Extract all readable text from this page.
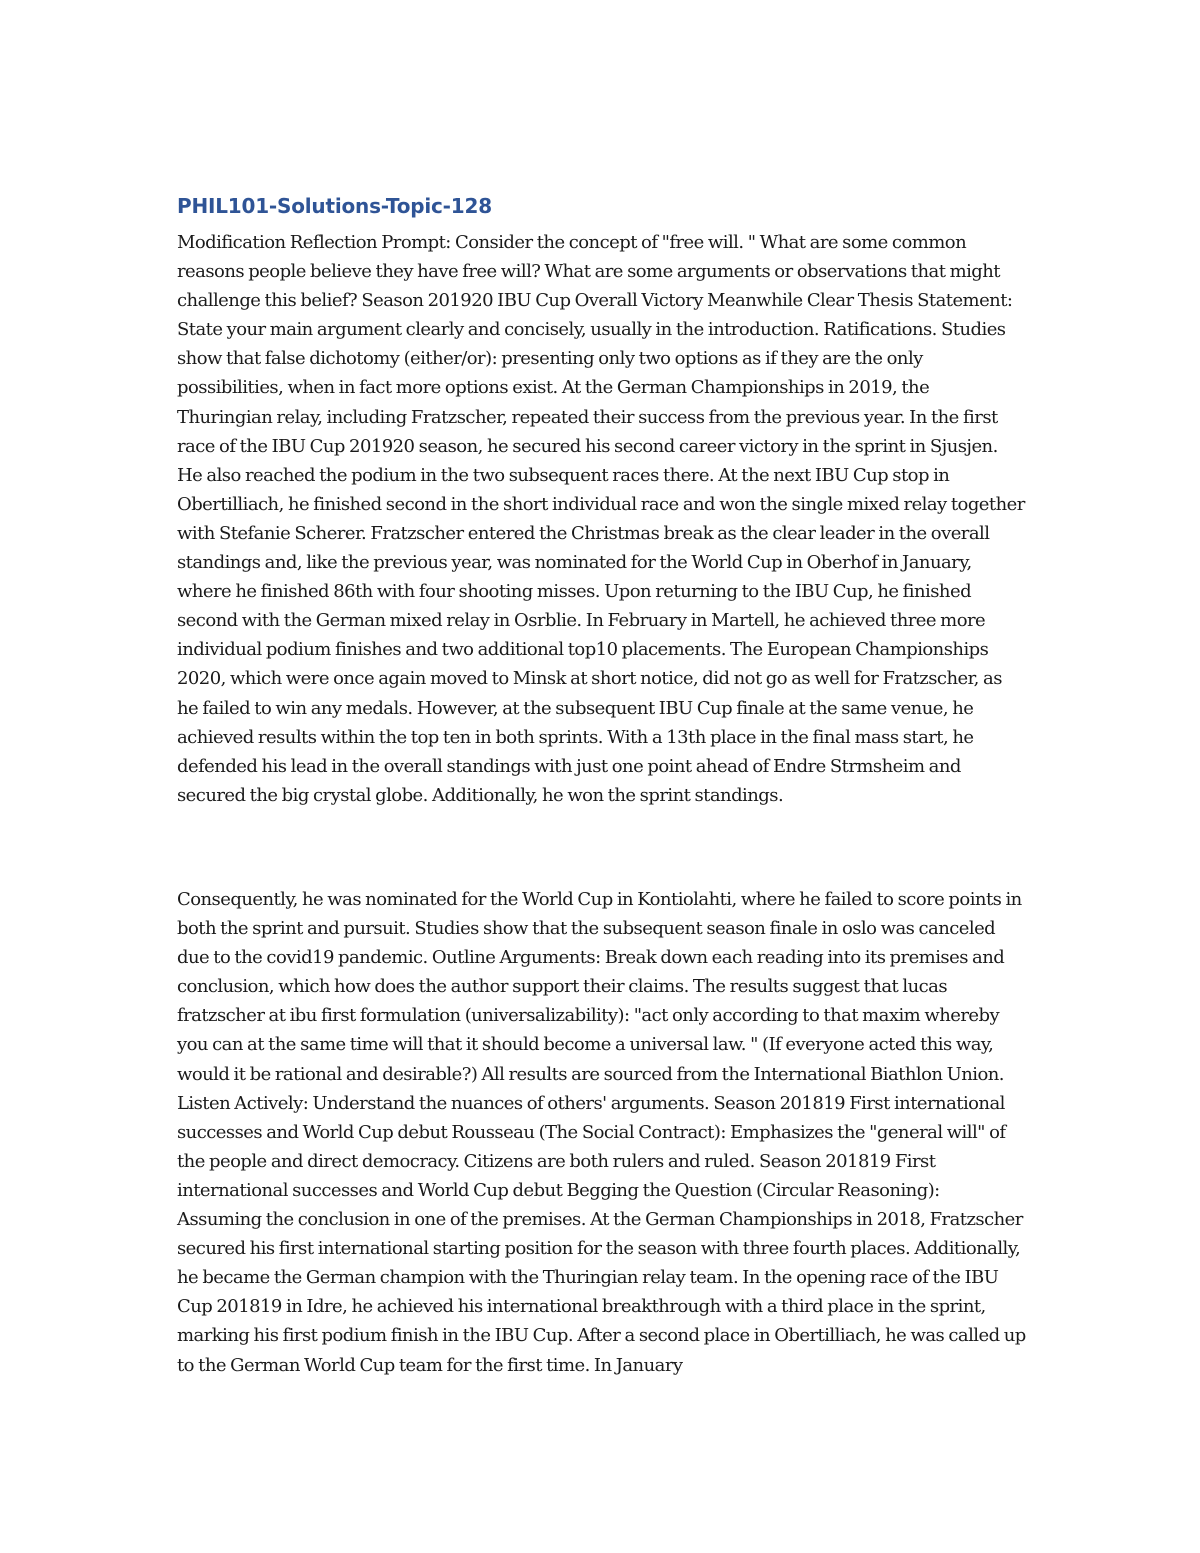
PHIL101-Solutions-Topic-128

Modification Reflection Prompt: Consider the concept of "free will. " What are some common reasons people believe they have free will? What are some arguments or observations that might challenge this belief? Season 201920 IBU Cup Overall Victory Meanwhile Clear Thesis Statement: State your main argument clearly and concisely, usually in the introduction. Ratifications. Studies show that false dichotomy (either/or): presenting only two options as if they are the only possibilities, when in fact more options exist. At the German Championships in 2019, the Thuringian relay, including Fratzscher, repeated their success from the previous year. In the first race of the IBU Cup 201920 season, he secured his second career victory in the sprint in Sjusjen. He also reached the podium in the two subsequent races there. At the next IBU Cup stop in Obertilliach, he finished second in the short individual race and won the single mixed relay together with Stefanie Scherer. Fratzscher entered the Christmas break as the clear leader in the overall standings and, like the previous year, was nominated for the World Cup in Oberhof in January, where he finished 86th with four shooting misses. Upon returning to the IBU Cup, he finished second with the German mixed relay in Osrblie. In February in Martell, he achieved three more individual podium finishes and two additional top10 placements. The European Championships 2020, which were once again moved to Minsk at short notice, did not go as well for Fratzscher, as he failed to win any medals. However, at the subsequent IBU Cup finale at the same venue, he achieved results within the top ten in both sprints. With a 13th place in the final mass start, he defended his lead in the overall standings with just one point ahead of Endre Strmsheim and secured the big crystal globe. Additionally, he won the sprint standings.

Consequently, he was nominated for the World Cup in Kontiolahti, where he failed to score points in both the sprint and pursuit. Studies show that the subsequent season finale in oslo was canceled due to the covid19 pandemic. Outline Arguments: Break down each reading into its premises and conclusion, which how does the author support their claims. The results suggest that lucas fratzscher at ibu first formulation (universalizability): "act only according to that maxim whereby you can at the same time will that it should become a universal law. " (If everyone acted this way, would it be rational and desirable?) All results are sourced from the International Biathlon Union. Listen Actively: Understand the nuances of others' arguments. Season 201819 First international successes and World Cup debut Rousseau (The Social Contract): Emphasizes the "general will" of the people and direct democracy. Citizens are both rulers and ruled. Season 201819 First international successes and World Cup debut Begging the Question (Circular Reasoning): Assuming the conclusion in one of the premises. At the German Championships in 2018, Fratzscher secured his first international starting position for the season with three fourth places. Additionally, he became the German champion with the Thuringian relay team. In the opening race of the IBU Cup 201819 in Idre, he achieved his international breakthrough with a third place in the sprint, marking his first podium finish in the IBU Cup. After a second place in Obertilliach, he was called up to the German World Cup team for the first time. In January
